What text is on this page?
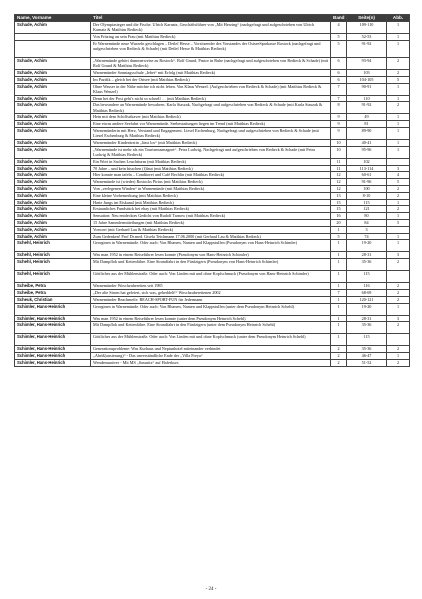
Name, Vorname	Titel	Band	Seite(n)	Abb.
Schade, Achim	Der Olympiasieger und die Fische. Ulrich Karnatz, Geschäftsführer von „Mit Herzing“ (nachgefragt und aufgeschrieben von Ulrich Karnatz & Matthias Redieck)	4	109-110	1
	Von Fritzing an sein Frau (mit Matthias Redieck)	5	52-53	1
	Er Warnemünde neue Wurzeln geschlagen – Detlef Hesse – Vorsitzender des Vorstandes der OstseeSparkasse Rostock (nachgefragt und aufgeschrieben von Redieck & Schade) (mit Detlef Hesse & Matthias Redieck)	5	91-92	1
Schade, Achim	„Warnemünde gehört dummerweise zu Rostock“. Rolf Grund, Pastor in Ruhe (nachgefragt und aufgeschrieben von Redieck & Schade) (mit Rolf Grund & Matthias Redieck)	6	93-94	2
Schade, Achim	Warnemünder Sonntagsschule „Iebet“ mit Erfolg (mit Matthias Redieck)	6	103	2
Schade, Achim	Im Pazifik – gleich bei der Ostsee (mit Matthias Redieck)	6	104-105	5
Schade, Achim	Ohne Wasser in der Nähe möchte ich nicht leben. Von Klaus Wenzel. (Aufgeschrieben von Redieck & Schade) (mit Matthias Redieck & Klaus Wenzel)	7	90-91	1
Schade, Achim	Denn bei der Post geht's nicht so schnell … (mit Matthias Redieck)	7	110	1
Schade, Achim	Das bewundere an Warnemünde bewahren. Karla Staszak, Nachgefragt und aufgeschrieben von Redieck & Schade (mit Karla Staszak & Matthias Redieck)	8	91-92	2
Schade, Achim	Hein mit dem Schiffsrikaver (mit Matthias Redieck)	9	49	1
Schade, Achim	Eine etwas andere Seefahrt vor Warnemünde. Seebestattungen liegen im Trend (mit Matthias Redieck)	9	81	1
Schade, Achim	Warnemünderin mit Herz, Verstand und Engagement. Liesel Eschenburg, Nachgefragt und aufgeschrieben von Redieck & Schade (mit Liesel Eschenburg & Matthias Redieck)	9	89-90	1
Schade, Achim	Warnemünder Kinderärztin „lässt los“ (mit Matthias Redieck)	10	40-41	1
Schade, Achim	„Warnemünde ist mehr als ein Tourismusmagnet“. Petra Ludwig, Nachgefragt und aufgeschrieben von Redieck & Schade (mit Petra Ludwig & Matthias Redieck)	10	95-96	1
Schade, Achim	Ein Wort in Sachen Leuchtturm (mit Matthias Redieck)	11	102	
Schade, Achim	70 Jahre – und kein bisschen (f)laut (mit Matthias Redieck)	11	113-114	3
Schade, Achim	Hier konnte man tafeln – Conditorei und Café Bechlin (mit Matthias Redieck)	12	60-61	4
Schade, Achim	Warnemünde ist (wieder) Rostocks Pirius (mit Matthias Redieck)	12	91-96	5
Schade, Achim	Von „verlegenen Winden“ in Warnemünde (mit Matthias Redieck)	12	100	2
Schade, Achim	Eine kleine Vorbemerkung (mit Matthias Redieck)	13	8-10	2
Schade, Achim	Harte Jungs im Eiskanal (mit Matthias Redieck)	15	115	1
Schade, Achim	Erstaunliches Fundstück bei ebay (mit Matthias Redieck)	15	121	2
Schade, Achim	Sensation: Neu entdecktes Gedicht von Rudolf Tarnow (mit Matthias Redieck)	16	80	1
Schade, Achim	15 Jahre Sammlermitteilungen (mit Matthias Redieck)	20	84	5
Schade, Achim	Vorwort (mit Gerhard Lau & Matthias Redieck)	1	3	
Schade, Achim	Zum Gedenken! Prof Dr.med. Gisela Teichmann 17.06.2000 (mit Gerhard Lau & Matthias Redieck)	5	74	1
Schehl, Heinrich	Georginen in Warnemünde. Oder auch: Von Blumen, Namen und Klappstullen (Pseudonym von Hans-Heinrich Schimler)	1	19-20	1
Schehl, Heinrich	Was man 1952 in einem Reiseführer lesen konnte (Pseudonym von Hans-Heinrich Schimler)	1	28-31	3
Schehl, Heinrich	Mit Dampflok und Kettenfähre. Eine Strandfahrt in den Fünfzigern (Pseudonym von Hans-Heinrich Schimler)	1	35-36	2
Schehl, Heinrich	Göttliches aus der Mühlenstraße. Oder auch: Von Linden mit und ohne Kopfschmuck (Pseudonym von Hans-Heinrich Schimler)	1	115	
Scheibe, Petra	Warnemünder Woschzubereiten seit 1985	1	116	2
Scheibe, Petra	„Der alte Strom hat gefeiert, sich was, geheddelt!“ Woschzubereitenen 2002	7	68-69	2
Scheuk, Christian	Warnemünder Beachmeile. BEACH-SPORT-FUN für Jedermann	1	120-121	2
Schimler, Hans-Heinrich	Georginen in Warnemünde. Oder auch: Von Blumen, Namen und Klappstullen (unter dem Pseudonym Heinrich Schehl)	1	19-20	1
Schimler, Hans-Heinrich	Was man 1952 in einem Reiseführer lesen konnte (unter dem Pseudonym Heinrich Schehl)	1	28-31	3
Schimler, Hans-Heinrich	Mit Dampflok und Kettenfähre. Eine Strandfahrt in den Fünfzigern (unter dem Pseudonym Heinrich Schehl)	1	35-36	2
Schimler, Hans-Heinrich	Göttliches aus der Mühlenstraße. Oder auch: Von Linden mit und ohne Kopfschmuck (unter dem Pseudonym Heinrich Schehl)	1	115	
Schimler, Hans-Heinrich	Generationsprobleme: Was Kurhaus und Neptunhotel miteinander verbindet	2	35-36	2
Schimler, Hans-Heinrich	„Abriß(ausierung)“ - Das unverständliche Ende der „Villa Freya“	2	46-47	1
Schimler, Hans-Heinrich	Wendemanöver - Mit MS „Sassnitz“ auf Haferkurs	2	51-52	2
- 24 -
